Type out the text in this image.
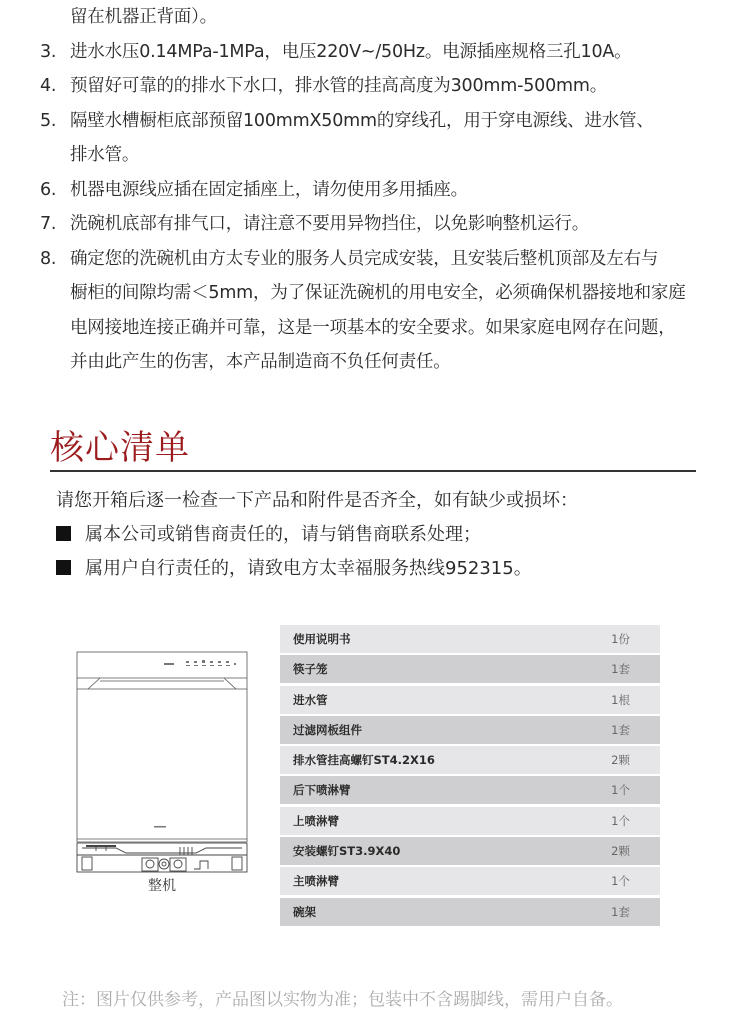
留在机器正背面）。
3. 进水水压0.14MPa-1MPa，电压220V~/50Hz。电源插座规格三孔10A。
4. 预留好可靠的的排水下水口，排水管的挂高高度为300mm-500mm。
5. 隔壁水槽橱柜底部预留100mmX50mm的穿线孔，用于穿电源线、进水管、
排水管。
6. 机器电源线应插在固定插座上，请勿使用多用插座。
7. 洗碗机底部有排气口，请注意不要用异物挡住，以免影响整机运行。
8. 确定您的洗碗机由方太专业的服务人员完成安装，且安装后整机顶部及左右与
橱柜的间隙均需＜5mm，为了保证洗碗机的用电安全，必须确保机器接地和家庭
电网接地连接正确并可靠，这是一项基本的安全要求。如果家庭电网存在问题，
并由此产生的伤害，本产品制造商不负任何责任。
核心清单
请您开箱后逐一检查一下产品和附件是否齐全，如有缺少或损坏：
属本公司或销售商责任的，请与销售商联系处理；
属用户自行责任的，请致电方太幸福服务热线952315。
整机
使用说明书	1份
筷子笼	1套
进水管	1根
过滤网板组件	1套
排水管挂高螺钉ST4.2X16	2颗
后下喷淋臂	1个
上喷淋臂	1个
安装螺钉ST3.9X40	2颗
主喷淋臂	1个
碗架	1套
注：图片仅供参考，产品图以实物为准；包装中不含踢脚线，需用户自备。
